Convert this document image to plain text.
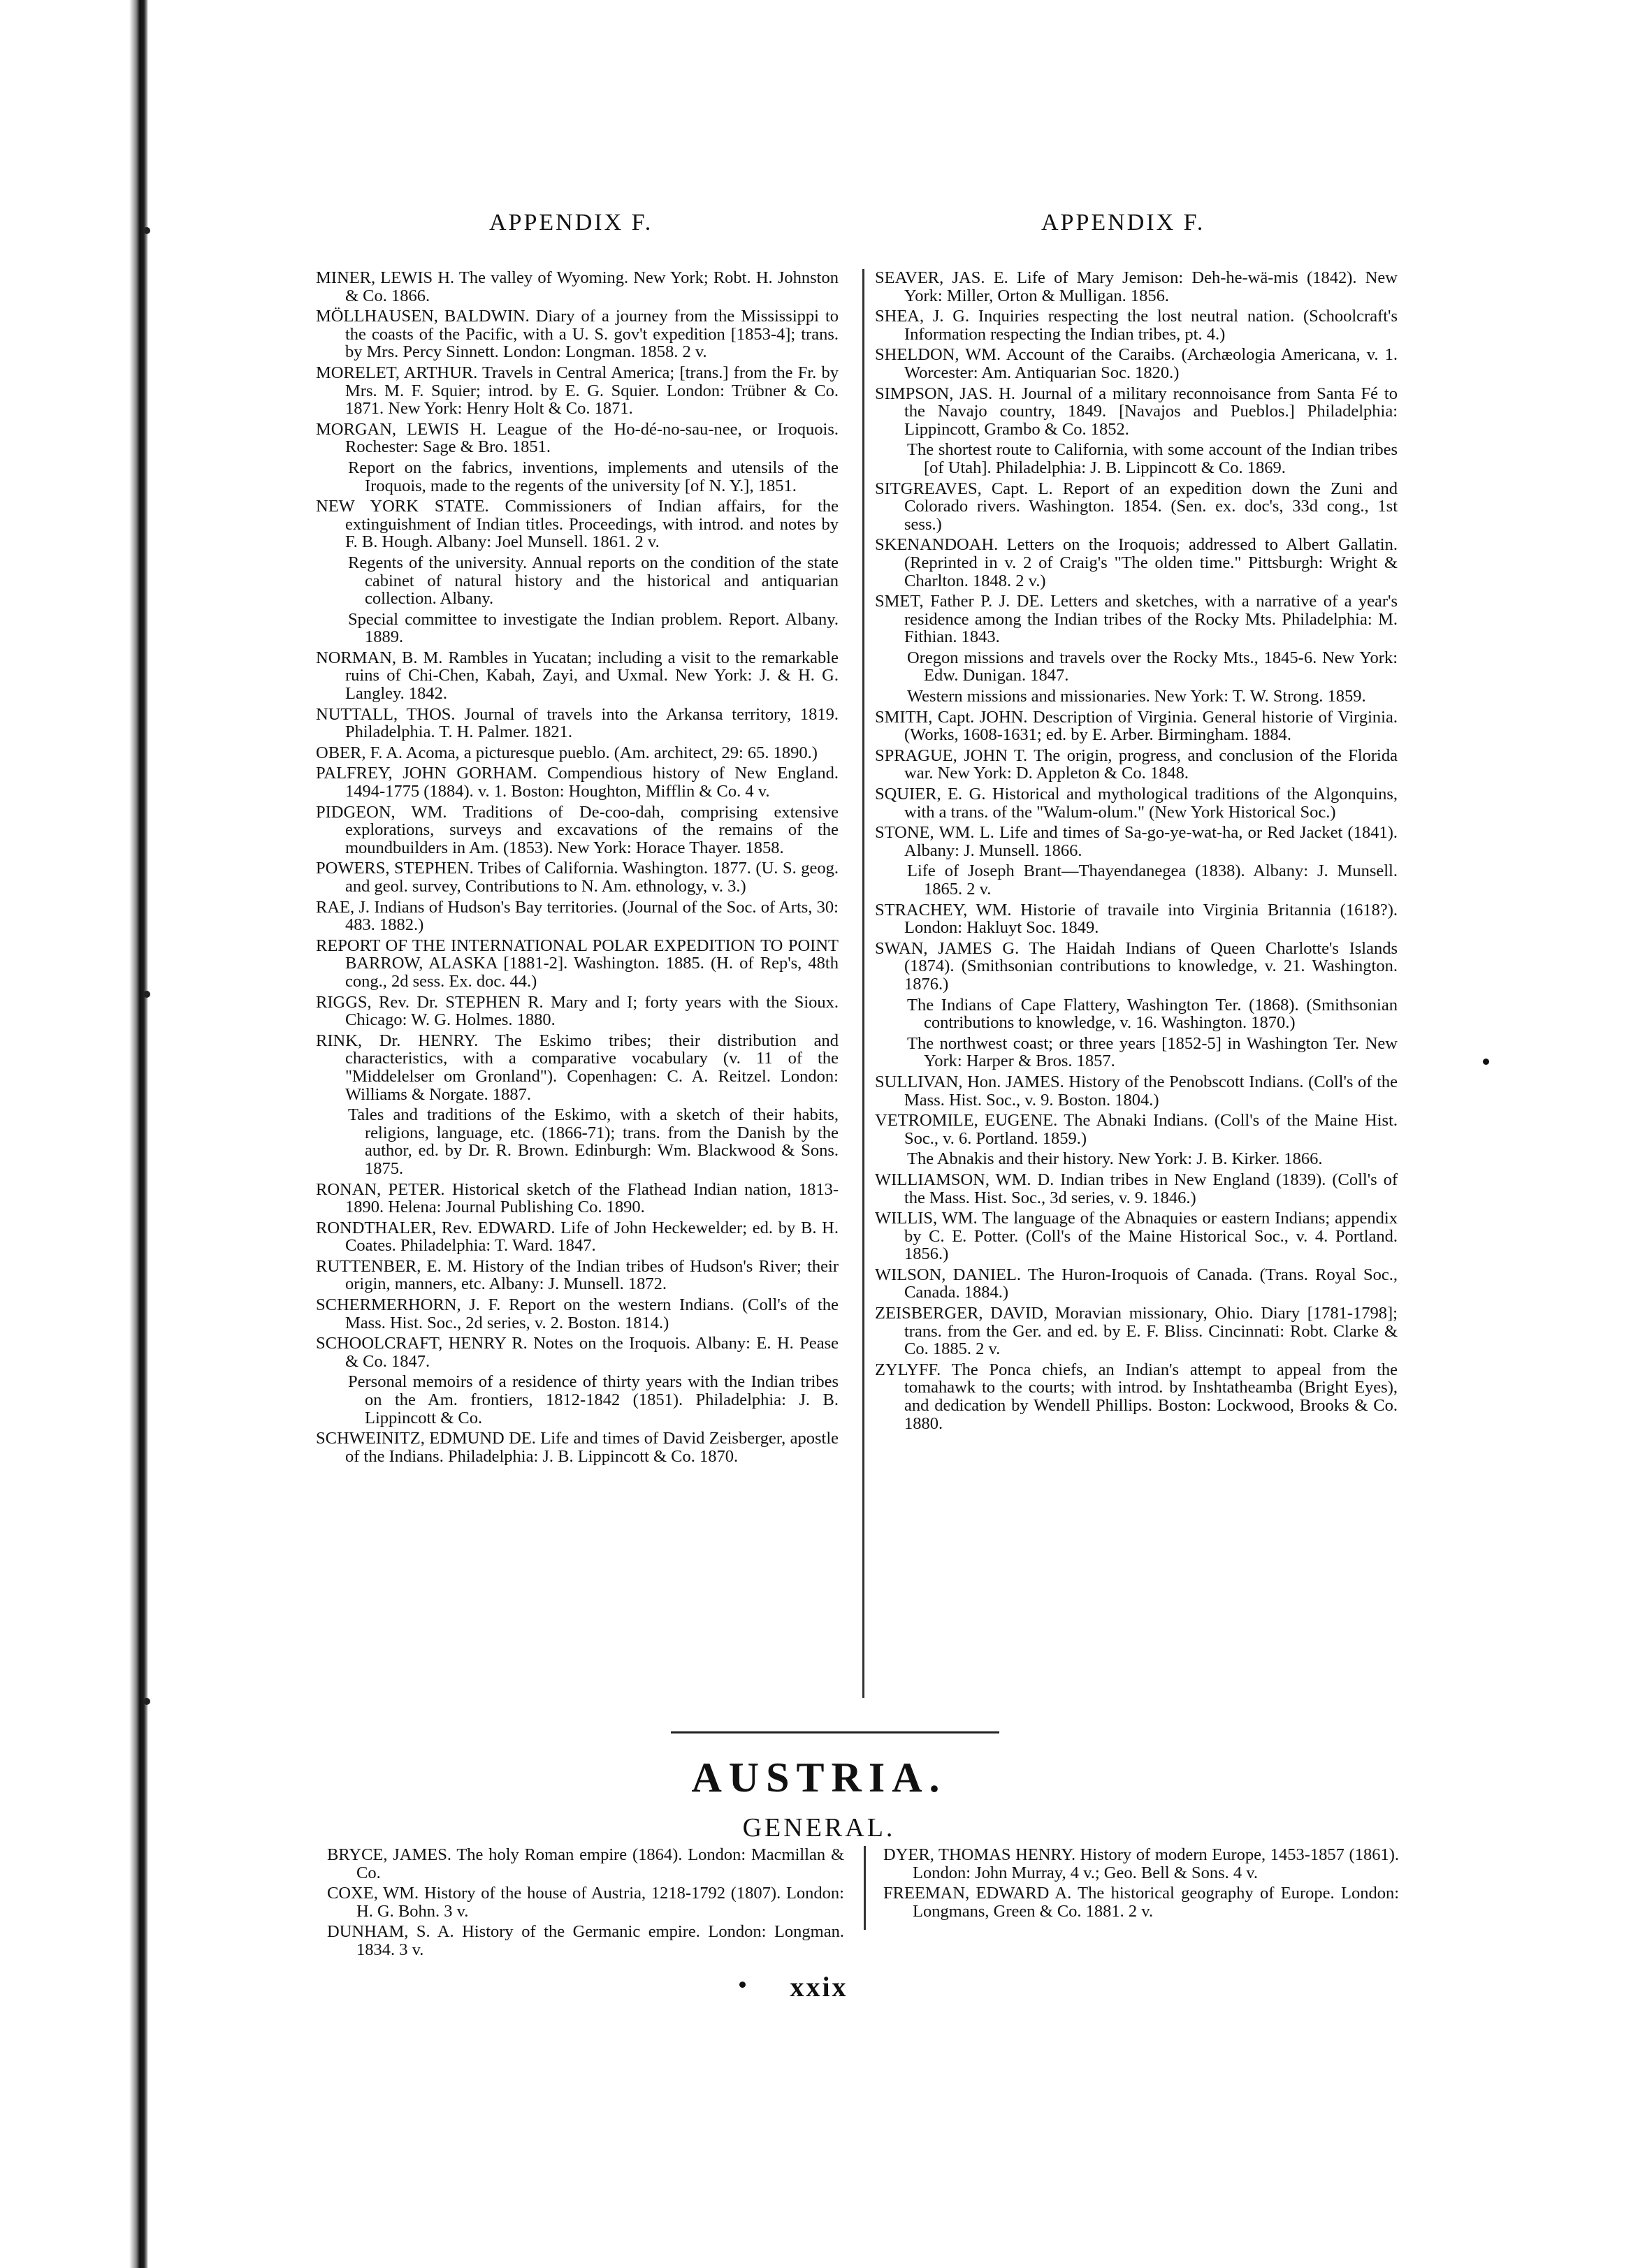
APPENDIX F.	APPENDIX F.

MINER, LEWIS H. The valley of Wyoming. New York; Robt. H. Johnston & Co. 1866.

MÖLLHAUSEN, BALDWIN. Diary of a journey from the Mississippi to the coasts of the Pacific, with a U. S. gov't expedition [1853-4]; trans. by Mrs. Percy Sinnett. London: Longman. 1858. 2 v.

MORELET, ARTHUR. Travels in Central America; [trans.] from the Fr. by Mrs. M. F. Squier; introd. by E. G. Squier. London: Trübner & Co. 1871. New York: Henry Holt & Co. 1871.

MORGAN, LEWIS H. League of the Ho-dé-no-sau-nee, or Iroquois. Rochester: Sage & Bro. 1851.

Report on the fabrics, inventions, implements and utensils of the Iroquois, made to the regents of the university [of N. Y.], 1851.

NEW YORK STATE. Commissioners of Indian affairs, for the extinguishment of Indian titles. Proceedings, with introd. and notes by F. B. Hough. Albany: Joel Munsell. 1861. 2 v.

Regents of the university. Annual reports on the condition of the state cabinet of natural history and the historical and antiquarian collection. Albany.

Special committee to investigate the Indian problem. Report. Albany. 1889.

NORMAN, B. M. Rambles in Yucatan; including a visit to the remarkable ruins of Chi-Chen, Kabah, Zayi, and Uxmal. New York: J. & H. G. Langley. 1842.

NUTTALL, THOS. Journal of travels into the Arkansa territory, 1819. Philadelphia. T. H. Palmer. 1821.

OBER, F. A. Acoma, a picturesque pueblo. (Am. architect, 29: 65. 1890.)

PALFREY, JOHN GORHAM. Compendious history of New England. 1494-1775 (1884). v. 1. Boston: Houghton, Mifflin & Co. 4 v.

PIDGEON, WM. Traditions of De-coo-dah, comprising extensive explorations, surveys and excavations of the remains of the moundbuilders in Am. (1853). New York: Horace Thayer. 1858.

POWERS, STEPHEN. Tribes of California. Washington. 1877. (U. S. geog. and geol. survey, Contributions to N. Am. ethnology, v. 3.)

RAE, J. Indians of Hudson's Bay territories. (Journal of the Soc. of Arts, 30: 483. 1882.)

REPORT OF THE INTERNATIONAL POLAR EXPEDITION TO POINT BARROW, ALASKA [1881-2]. Washington. 1885. (H. of Rep's, 48th cong., 2d sess. Ex. doc. 44.)

RIGGS, Rev. Dr. STEPHEN R. Mary and I; forty years with the Sioux. Chicago: W. G. Holmes. 1880.

RINK, Dr. HENRY. The Eskimo tribes; their distribution and characteristics, with a comparative vocabulary (v. 11 of the "Middelelser om Gronland"). Copenhagen: C. A. Reitzel. London: Williams & Norgate. 1887.

Tales and traditions of the Eskimo, with a sketch of their habits, religions, language, etc. (1866-71); trans. from the Danish by the author, ed. by Dr. R. Brown. Edinburgh: Wm. Blackwood & Sons. 1875.

RONAN, PETER. Historical sketch of the Flathead Indian nation, 1813-1890. Helena: Journal Publishing Co. 1890.

RONDTHALER, Rev. EDWARD. Life of John Heckewelder; ed. by B. H. Coates. Philadelphia: T. Ward. 1847.

RUTTENBER, E. M. History of the Indian tribes of Hudson's River; their origin, manners, etc. Albany: J. Munsell. 1872.

SCHERMERHORN, J. F. Report on the western Indians. (Coll's of the Mass. Hist. Soc., 2d series, v. 2. Boston. 1814.)

SCHOOLCRAFT, HENRY R. Notes on the Iroquois. Albany: E. H. Pease & Co. 1847.

Personal memoirs of a residence of thirty years with the Indian tribes on the Am. frontiers, 1812-1842 (1851). Philadelphia: J. B. Lippincott & Co.

SCHWEINITZ, EDMUND DE. Life and times of David Zeisberger, apostle of the Indians. Philadelphia: J. B. Lippincott & Co. 1870.

SEAVER, JAS. E. Life of Mary Jemison: Deh-he-wä-mis (1842). New York: Miller, Orton & Mulligan. 1856.

SHEA, J. G. Inquiries respecting the lost neutral nation. (Schoolcraft's Information respecting the Indian tribes, pt. 4.)

SHELDON, WM. Account of the Caraibs. (Archæologia Americana, v. 1. Worcester: Am. Antiquarian Soc. 1820.)

SIMPSON, JAS. H. Journal of a military reconnoisance from Santa Fé to the Navajo country, 1849. [Navajos and Pueblos.] Philadelphia: Lippincott, Grambo & Co. 1852.

The shortest route to California, with some account of the Indian tribes [of Utah]. Philadelphia: J. B. Lippincott & Co. 1869.

SITGREAVES, Capt. L. Report of an expedition down the Zuni and Colorado rivers. Washington. 1854. (Sen. ex. doc's, 33d cong., 1st sess.)

SKENANDOAH. Letters on the Iroquois; addressed to Albert Gallatin. (Reprinted in v. 2 of Craig's "The olden time." Pittsburgh: Wright & Charlton. 1848. 2 v.)

SMET, Father P. J. DE. Letters and sketches, with a narrative of a year's residence among the Indian tribes of the Rocky Mts. Philadelphia: M. Fithian. 1843.

Oregon missions and travels over the Rocky Mts., 1845-6. New York: Edw. Dunigan. 1847.

Western missions and missionaries. New York: T. W. Strong. 1859.

SMITH, Capt. JOHN. Description of Virginia. General historie of Virginia. (Works, 1608-1631; ed. by E. Arber. Birmingham. 1884.

SPRAGUE, JOHN T. The origin, progress, and conclusion of the Florida war. New York: D. Appleton & Co. 1848.

SQUIER, E. G. Historical and mythological traditions of the Algonquins, with a trans. of the "Walum-olum." (New York Historical Soc.)

STONE, WM. L. Life and times of Sa-go-ye-wat-ha, or Red Jacket (1841). Albany: J. Munsell. 1866.

Life of Joseph Brant—Thayendanegea (1838). Albany: J. Munsell. 1865. 2 v.

STRACHEY, WM. Historie of travaile into Virginia Britannia (1618?). London: Hakluyt Soc. 1849.

SWAN, JAMES G. The Haidah Indians of Queen Charlotte's Islands (1874). (Smithsonian contributions to knowledge, v. 21. Washington. 1876.)

The Indians of Cape Flattery, Washington Ter. (1868). (Smithsonian contributions to knowledge, v. 16. Washington. 1870.)

The northwest coast; or three years [1852-5] in Washington Ter. New York: Harper & Bros. 1857.

SULLIVAN, Hon. JAMES. History of the Penobscott Indians. (Coll's of the Mass. Hist. Soc., v. 9. Boston. 1804.)

VETROMILE, EUGENE. The Abnaki Indians. (Coll's of the Maine Hist. Soc., v. 6. Portland. 1859.)

The Abnakis and their history. New York: J. B. Kirker. 1866.

WILLIAMSON, WM. D. Indian tribes in New England (1839). (Coll's of the Mass. Hist. Soc., 3d series, v. 9. 1846.)

WILLIS, WM. The language of the Abnaquies or eastern Indians; appendix by C. E. Potter. (Coll's of the Maine Historical Soc., v. 4. Portland. 1856.)

WILSON, DANIEL. The Huron-Iroquois of Canada. (Trans. Royal Soc., Canada. 1884.)

ZEISBERGER, DAVID, Moravian missionary, Ohio. Diary [1781-1798]; trans. from the Ger. and ed. by E. F. Bliss. Cincinnati: Robt. Clarke & Co. 1885. 2 v.

ZYLYFF. The Ponca chiefs, an Indian's attempt to appeal from the tomahawk to the courts; with introd. by Inshtatheamba (Bright Eyes), and dedication by Wendell Phillips. Boston: Lockwood, Brooks & Co. 1880.

AUSTRIA.
GENERAL.

BRYCE, JAMES. The holy Roman empire (1864). London: Macmillan & Co.

COXE, WM. History of the house of Austria, 1218-1792 (1807). London: H. G. Bohn. 3 v.

DUNHAM, S. A. History of the Germanic empire. London: Longman. 1834. 3 v.

DYER, THOMAS HENRY. History of modern Europe, 1453-1857 (1861). London: John Murray, 4 v.; Geo. Bell & Sons. 4 v.

FREEMAN, EDWARD A. The historical geography of Europe. London: Longmans, Green & Co. 1881. 2 v.

xxix
